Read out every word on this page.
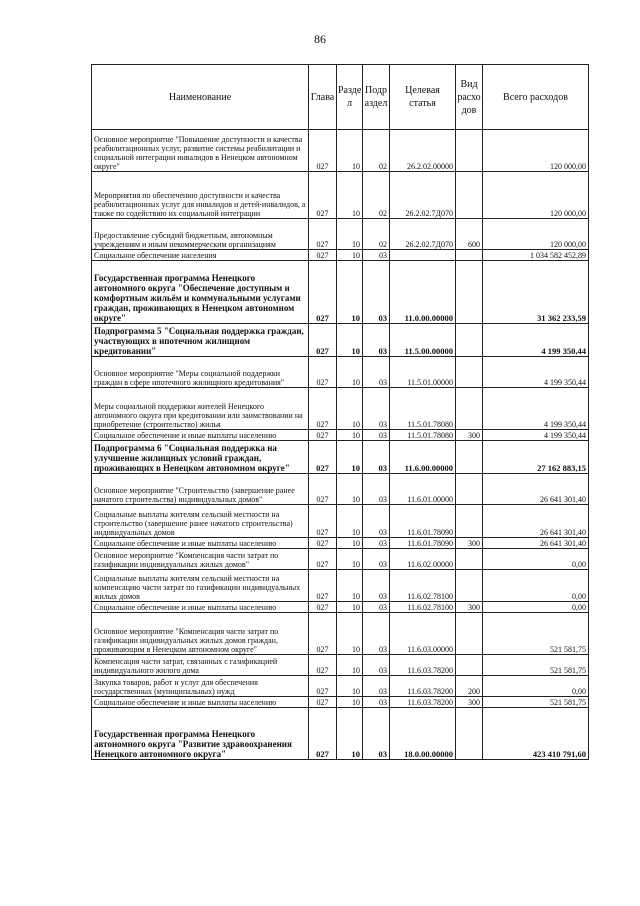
86
Наименование	Глава	Разде л	Подр аздел	Целевая статья	Вид расхо дов	Всего расходов
Основное мероприятие "Повышение доступности и качества реабилитационных услуг, развитие системы реабилитации и социальной интеграции инвалидов в Ненецком автономном округе"	027	10	02	26.2.02.00000		120 000,00
Мероприятия по обеспечению доступности и качества реабилитационных услуг для инвалидов и детей-инвалидов, а также по содействию их социальной интеграции	027	10	02	26.2.02.7Д070		120 000,00
Предоставление субсидий бюджетным, автономным учреждениям и иным некоммерческим организациям	027	10	02	26.2.02.7Д070	600	120 000,00
Социальное обеспечение населения	027	10	03			1 034 582 452,89
Государственная программа Ненецкого автономного округа "Обеспечение доступным и комфортным жильём и коммунальными услугами граждан, проживающих в Ненецком автономном округе"	027	10	03	11.0.00.00000		31 362 233,59
Подпрограмма 5 "Социальная поддержка граждан, участвующих в ипотечном жилищном кредитовании"	027	10	03	11.5.00.00000		4 199 350,44
Основное мероприятие "Меры социальной поддержки граждан в сфере ипотечного жилищного кредитования"	027	10	03	11.5.01.00000		4 199 350,44
Меры социальной поддержки жителей Ненецкого автономного округа при кредитовании или заимствовании на приобретение (строительство) жилья	027	10	03	11.5.01.78080		4 199 350,44
Социальное обеспечение и иные выплаты населению	027	10	03	11.5.01.78080	300	4 199 350,44
Подпрограмма 6 "Социальная поддержка на улучшение жилищных условий граждан, проживающих в Ненецком автономном округе"	027	10	03	11.6.00.00000		27 162 883,15
Основное мероприятие "Строительство (завершение ранее начатого строительства) индивидуальных домов"	027	10	03	11.6.01.00000		26 641 301,40
Социальные выплаты жителям сельской местности на строительство (завершение ранее начатого строительства) индивидуальных домов	027	10	03	11.6.01.78090		26 641 301,40
Социальное обеспечение и иные выплаты населению	027	10	03	11.6.01.78090	300	26 641 301,40
Основное мероприятие "Компенсация части затрат по газификации индивидуальных жилых домов"	027	10	03	11.6.02.00000		0,00
Социальные выплаты жителям сельской местности на компенсацию части затрат по газификации индивидуальных жилых домов	027	10	03	11.6.02.78100		0,00
Социальное обеспечение и иные выплаты населению	027	10	03	11.6.02.78100	300	0,00
Основное мероприятие "Компенсация части затрат по газификации индивидуальных жилых домов граждан, проживающим в Ненецком автономном округе"	027	10	03	11.6.03.00000		521 581,75
Компенсация части затрат, связанных с газификацией индивидуального жилого дома	027	10	03	11.6.03.78200		521 581,75
Закупка товаров, работ и услуг для обеспечения государственных (муниципальных) нужд	027	10	03	11.6.03.78200	200	0,00
Социальное обеспечение и иные выплаты населению	027	10	03	11.6.03.78200	300	521 581,75
Государственная программа Ненецкого автономного округа "Развитие здравоохранения Ненецкого автономного округа"	027	10	03	18.0.00.00000		423 410 791,60
